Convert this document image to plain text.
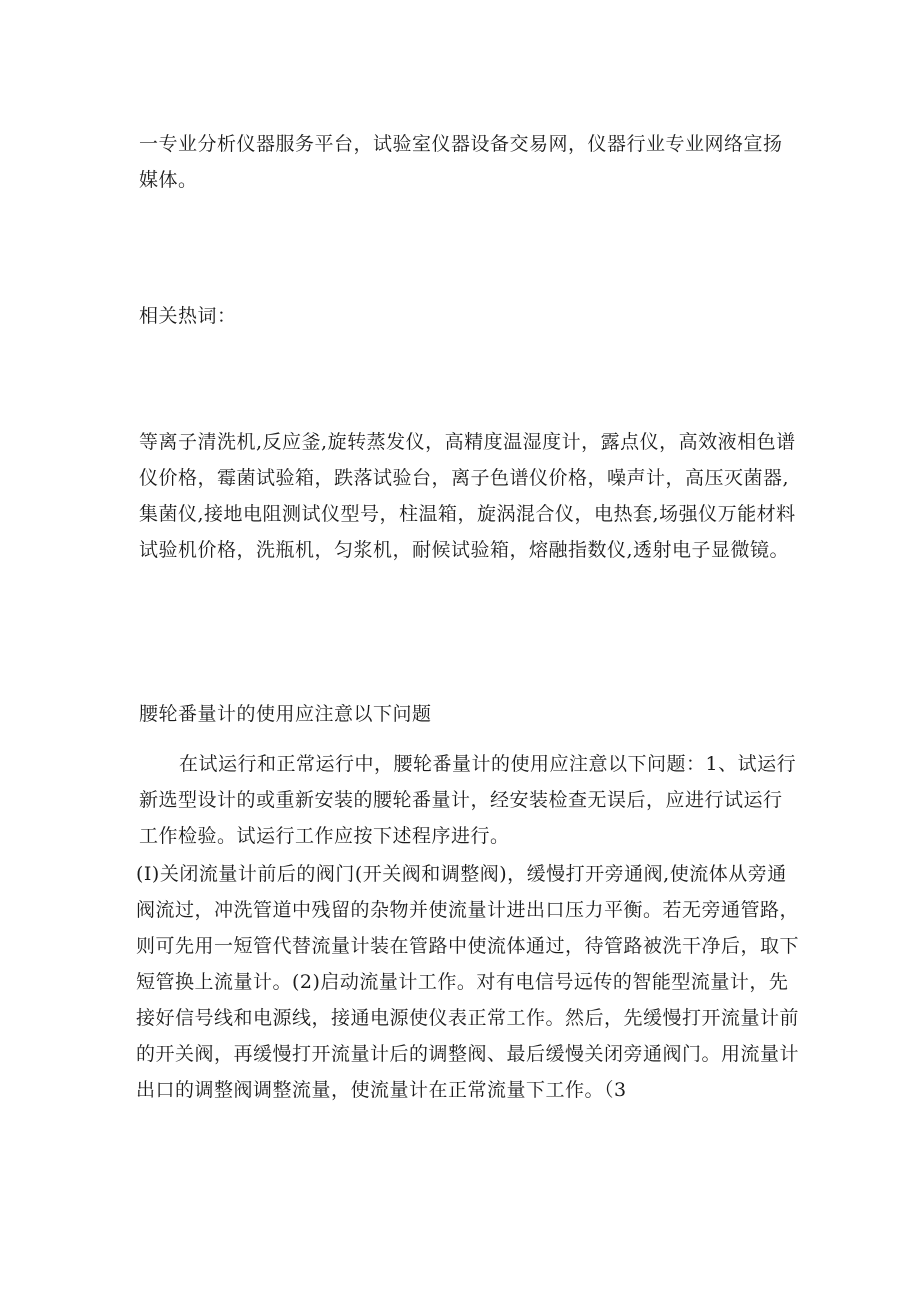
一专业分析仪器服务平台，试验室仪器设备交易网，仪器行业专业网络宣扬媒体。

相关热词：

等离子清洗机,反应釜,旋转蒸发仪，高精度温湿度计，露点仪，高效液相色谱仪价格，霉菌试验箱，跌落试验台，离子色谱仪价格，噪声计，高压灭菌器,集菌仪,接地电阻测试仪型号，柱温箱，旋涡混合仪，电热套,场强仪万能材料试验机价格，洗瓶机，匀浆机，耐候试验箱，熔融指数仪,透射电子显微镜。

腰轮番量计的使用应注意以下问题

在试运行和正常运行中，腰轮番量计的使用应注意以下问题：1、试运行新选型设计的或重新安装的腰轮番量计，经安装检查无误后，应进行试运行工作检验。试运行工作应按下述程序进行。

(I)关闭流量计前后的阀门(开关阀和调整阀)，缓慢打开旁通阀,使流体从旁通阀流过，冲洗管道中残留的杂物并使流量计进出口压力平衡。若无旁通管路，则可先用一短管代替流量计装在管路中使流体通过，待管路被洗干净后，取下短管换上流量计。(2)启动流量计工作。对有电信号远传的智能型流量计，先接好信号线和电源线，接通电源使仪表正常工作。然后，先缓慢打开流量计前的开关阀，再缓慢打开流量计后的调整阀、最后缓慢关闭旁通阀门。用流量计出口的调整阀调整流量，使流量计在正常流量下工作。（3
